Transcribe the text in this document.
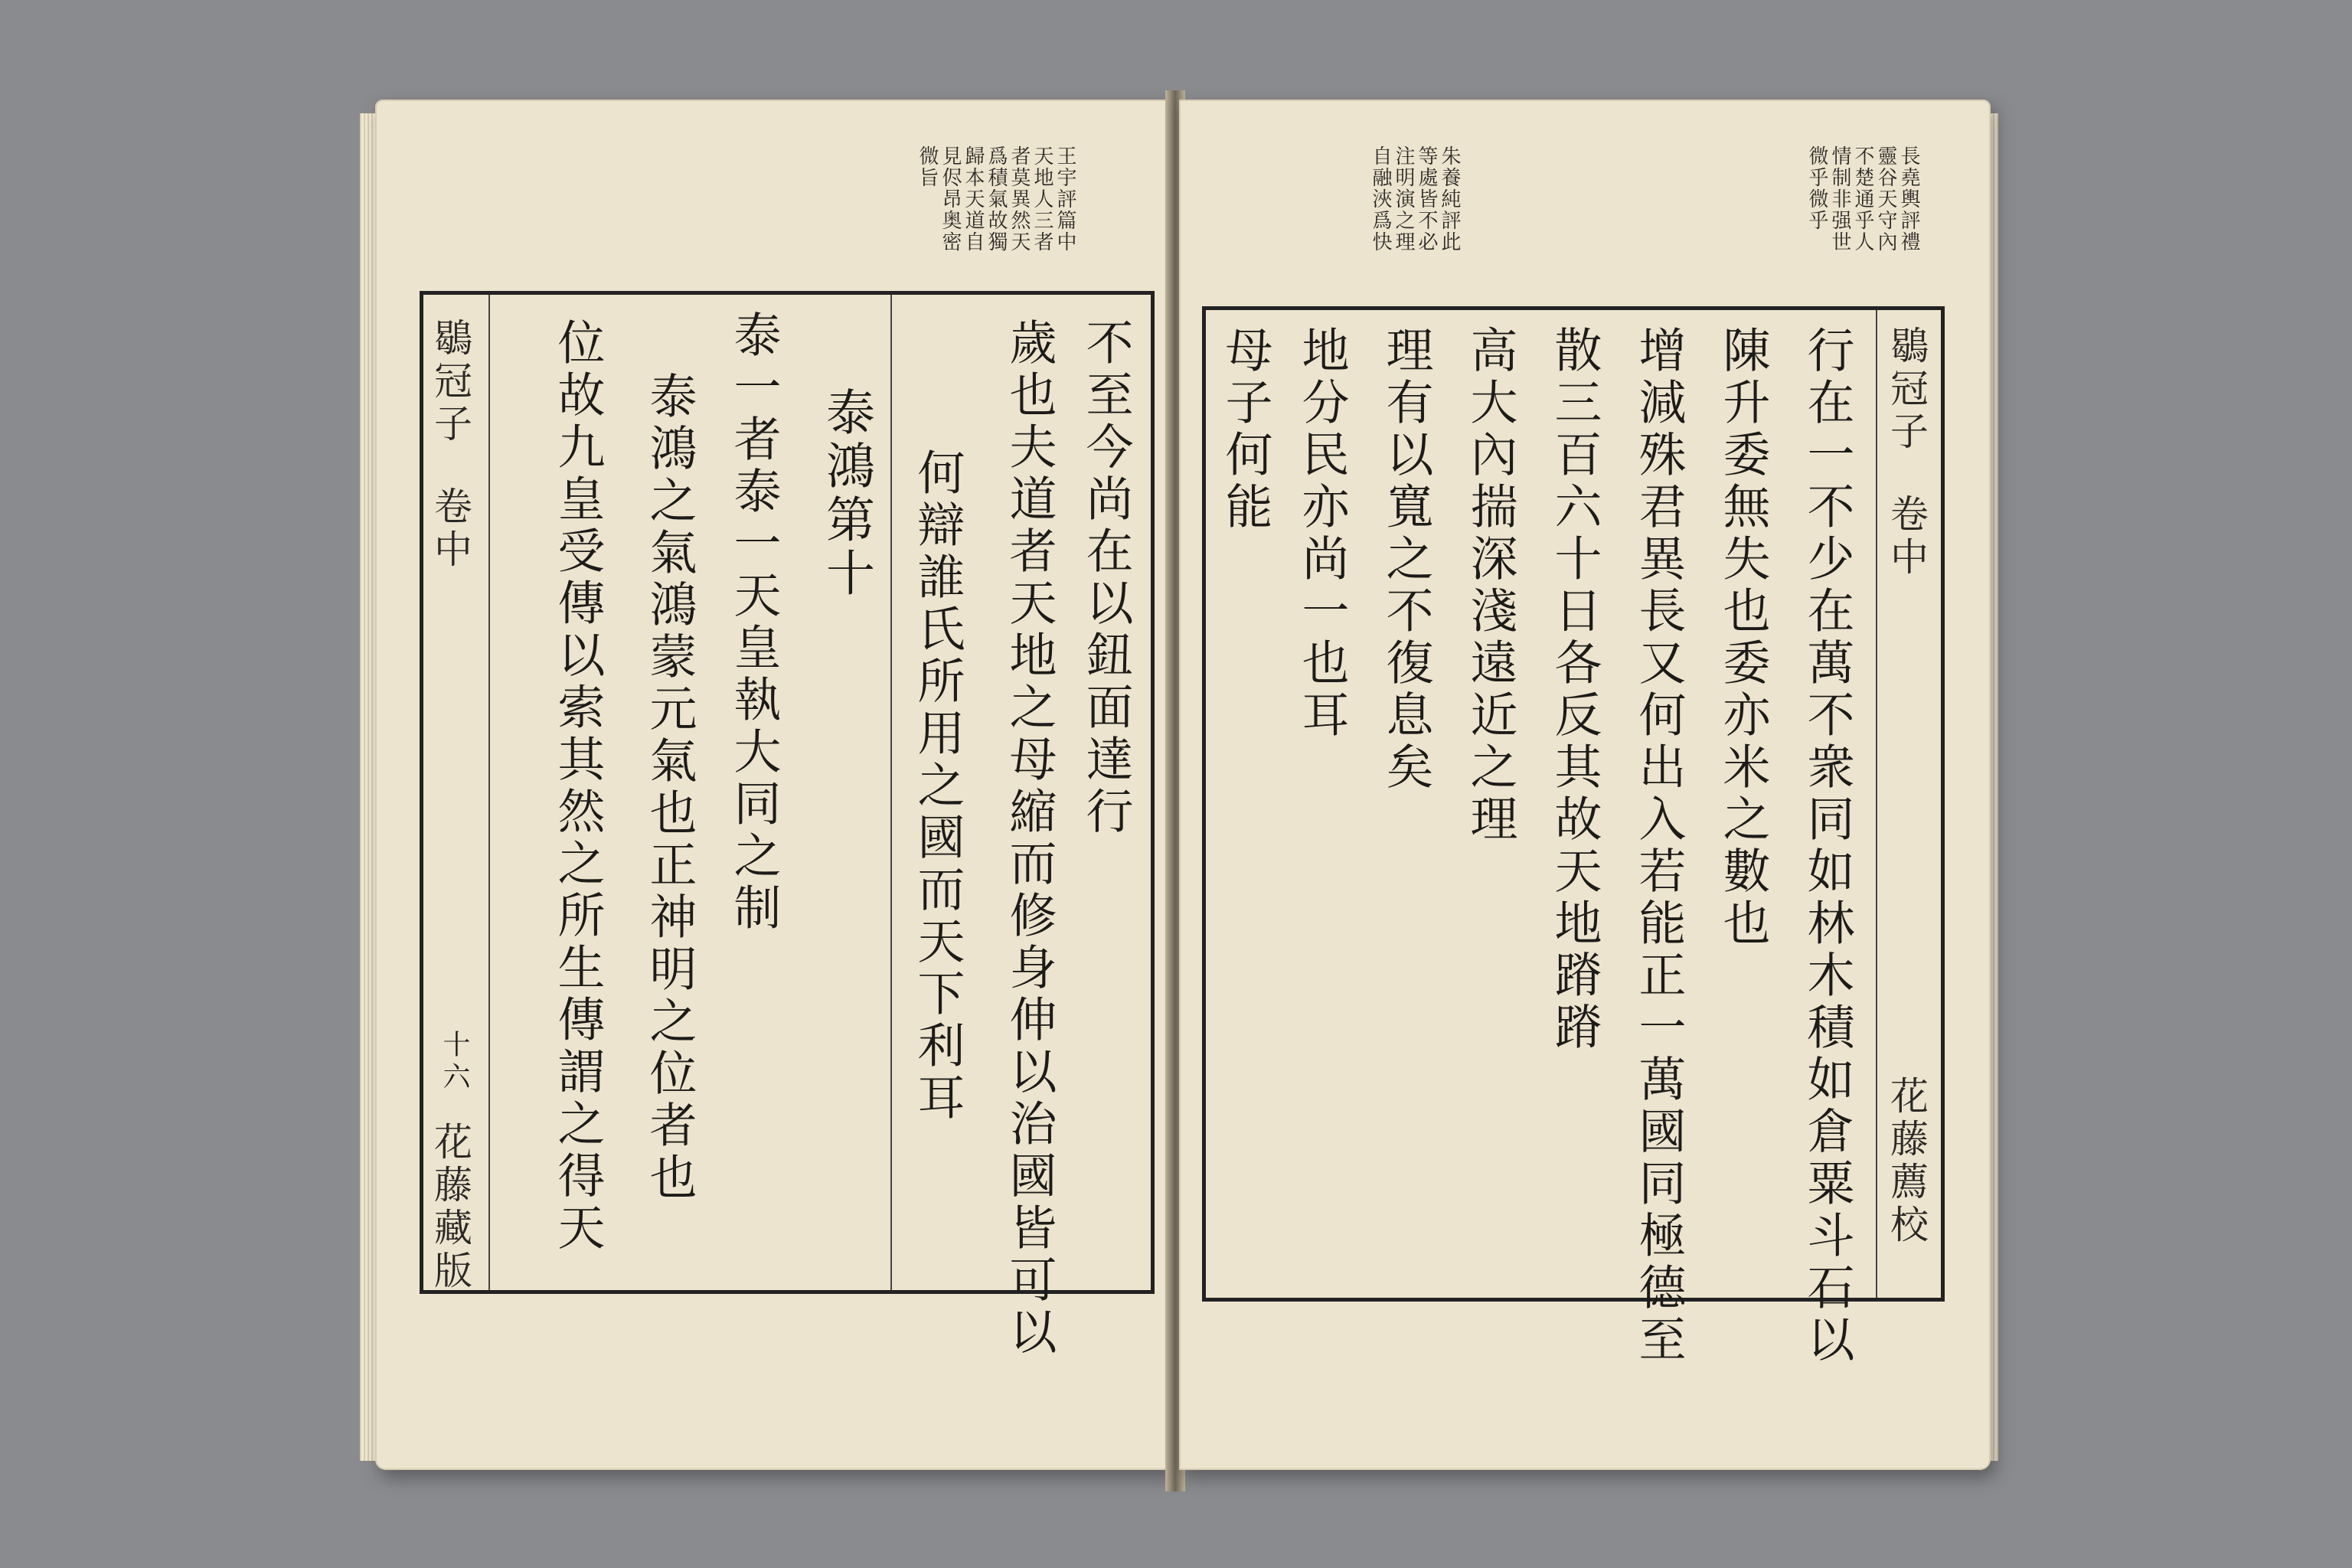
王宇評篇中
天地人三者
者莫異然天
爲積氣故獨
歸本天道自
見侭昂奥密
微旨
鶡冠子
卷中
十六
花藤藏版
不至今尚在以鈕面達行
歲也夫道者天地之母縮而修身伸以治國皆可以
何辯誰氏所用之國而天下利耳
泰鴻第十
泰一者泰一天皇執大同之制
泰鴻之氣鴻蒙元氣也正神明之位者也
位故九皇受傳以索其然之所生傳謂之得天
長堯輿評禮
靈谷天守內
不楚通乎人
情制非强世
微乎微乎
朱養純評此
等處皆不必
注明演之理
自融浹爲快
鶡冠子
卷中
花藤薦校
行在一不少在萬不衆同如林木積如倉粟斗石以
陳升委無失也委亦米之數也
增減殊君異長又何出入若能正一萬國同極德至
散三百六十日各反其故天地蹐蹐
高大內揣深淺遠近之理
理有以寬之不復息矣
地分民亦尚一也耳
母子何能
